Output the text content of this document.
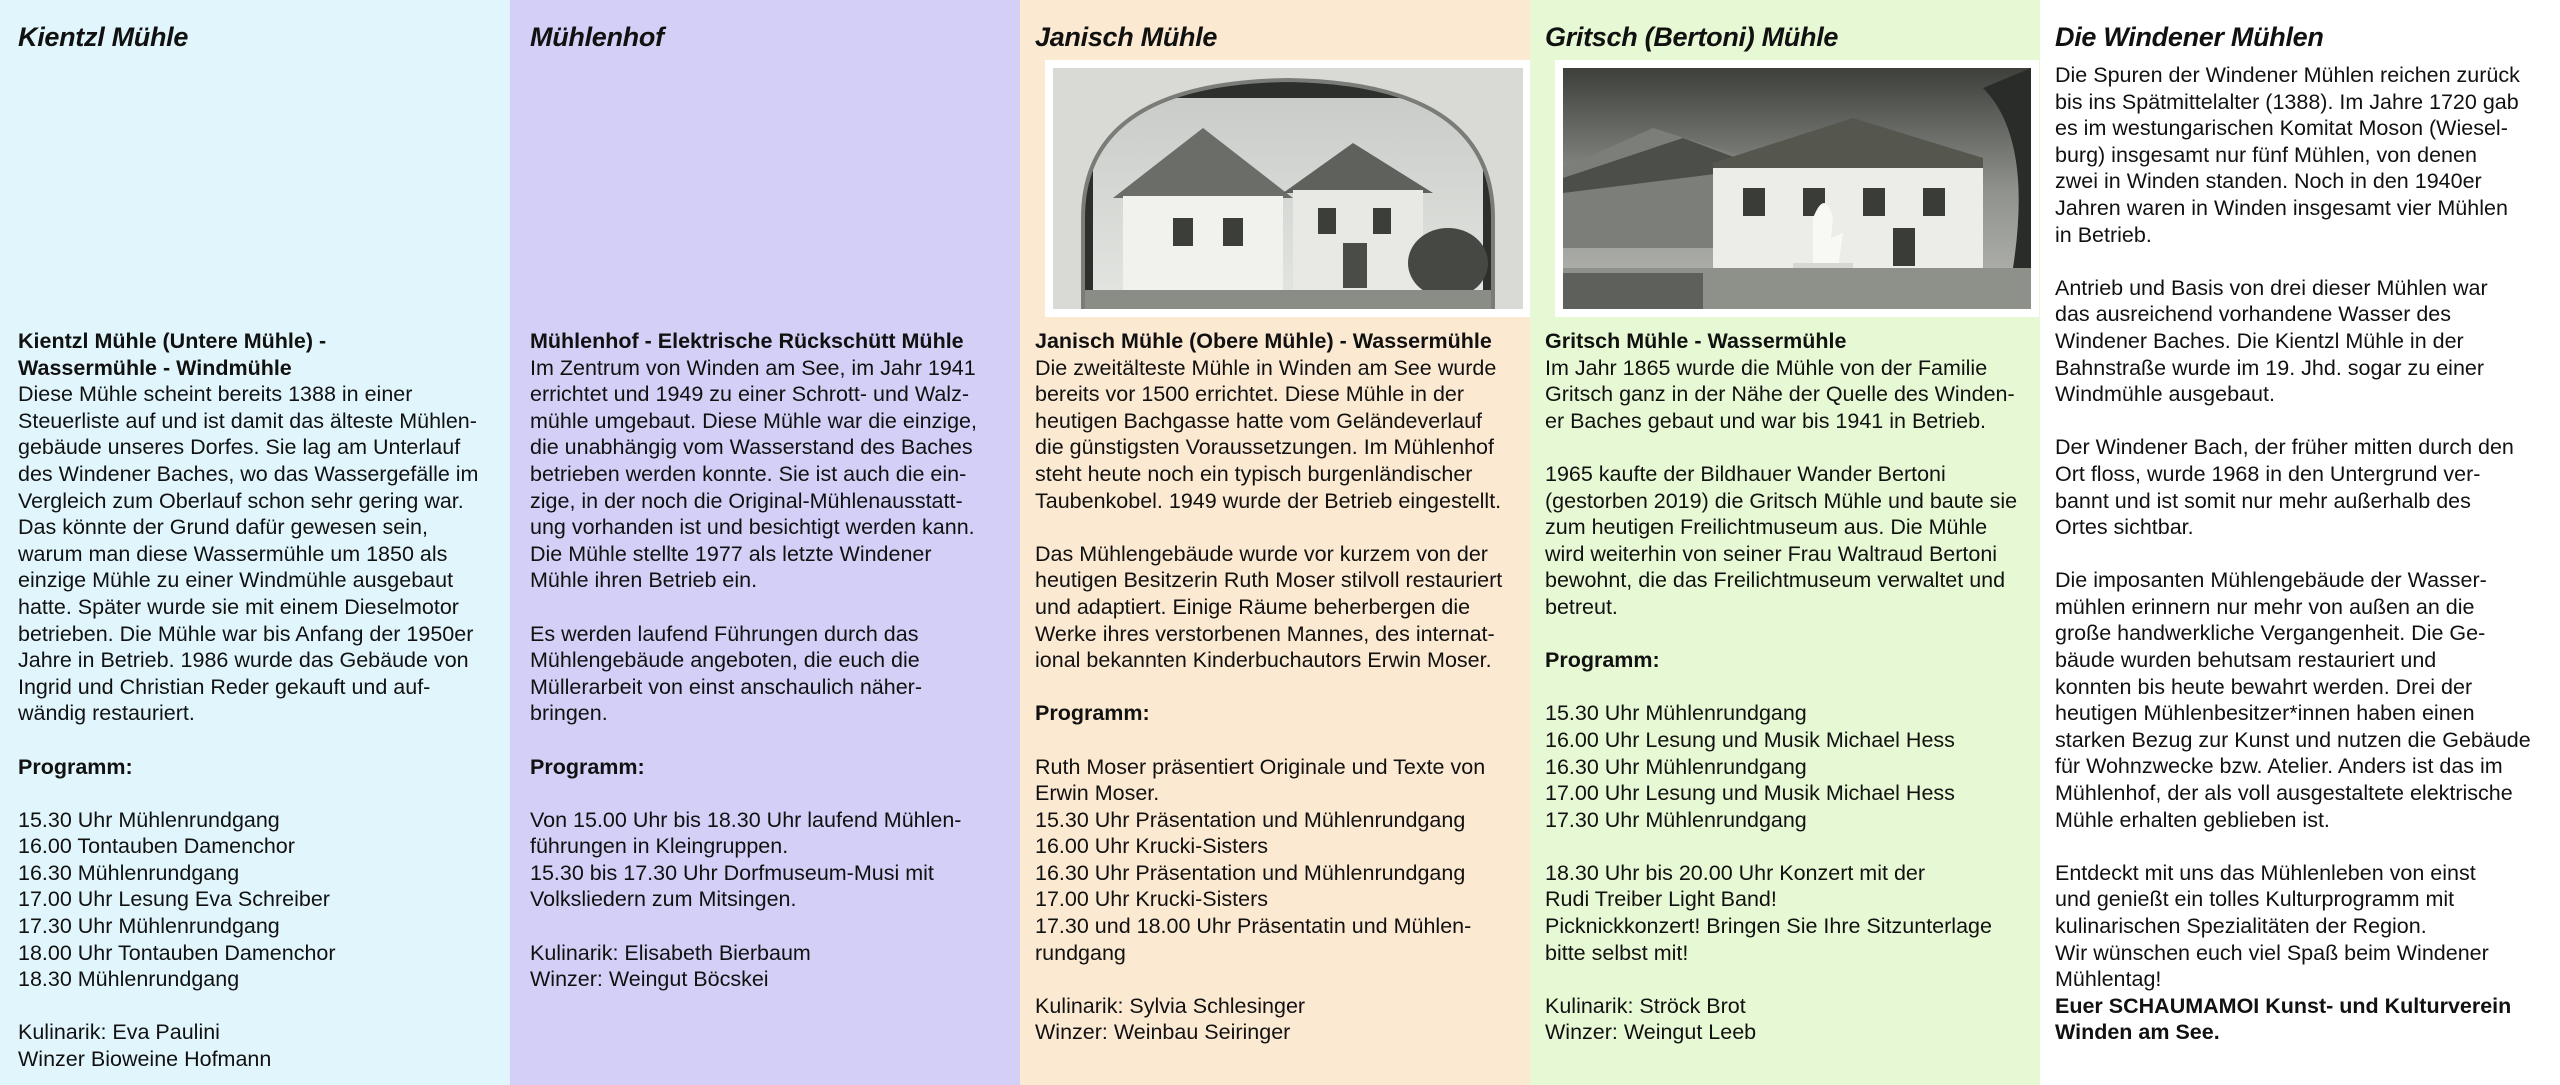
Kientzl Mühle

Kientzl Mühle (Untere Mühle) -

Wassermühle - Windmühle

Diese Mühle scheint bereits 1388 in einer

Steuerliste auf und ist damit das älteste Mühlen-

gebäude unseres Dorfes. Sie lag am Unterlauf

des Windener Baches, wo das Wassergefälle im

Vergleich zum Oberlauf schon sehr gering war.

Das könnte der Grund dafür gewesen sein,

warum man diese Wassermühle um 1850 als

einzige Mühle zu einer Windmühle ausgebaut

hatte. Später wurde sie mit einem Dieselmotor

betrieben. Die Mühle war bis Anfang der 1950er

Jahre in Betrieb. 1986 wurde das Gebäude von

Ingrid und Christian Reder gekauft und auf-

wändig restauriert.

Programm:

15.30 Uhr Mühlenrundgang

16.00 Tontauben Damenchor

16.30 Mühlenrundgang

17.00 Uhr Lesung Eva Schreiber

17.30 Uhr Mühlenrundgang

18.00 Uhr Tontauben Damenchor

18.30 Mühlenrundgang

Kulinarik: Eva Paulini

Winzer Bioweine Hofmann

Mühlenhof

Mühlenhof - Elektrische Rückschütt Mühle

Im Zentrum von Winden am See, im Jahr 1941

errichtet und 1949 zu einer Schrott- und Walz-

mühle umgebaut. Diese Mühle war die einzige,

die unabhängig vom Wasserstand des Baches

betrieben werden konnte. Sie ist auch die ein-

zige, in der noch die Original-Mühlenausstatt-

ung vorhanden ist und besichtigt werden kann.

Die Mühle stellte 1977 als letzte Windener

Mühle ihren Betrieb ein.

Es werden laufend Führungen durch das

Mühlengebäude angeboten, die euch die

Müllerarbeit von einst anschaulich näher-

bringen.

Programm:

Von 15.00 Uhr bis 18.30 Uhr laufend Mühlen-

führungen in Kleingruppen.

15.30 bis 17.30 Uhr Dorfmuseum-Musi mit

Volksliedern zum Mitsingen.

Kulinarik: Elisabeth Bierbaum

Winzer: Weingut Böcskei

Janisch Mühle

Janisch Mühle (Obere Mühle) - Wassermühle

Die zweitälteste Mühle in Winden am See wurde

bereits vor 1500 errichtet. Diese Mühle in der

heutigen Bachgasse hatte vom Geländeverlauf

die günstigsten Voraussetzungen. Im Mühlenhof

steht heute noch ein typisch burgenländischer

Taubenkobel. 1949 wurde der Betrieb eingestellt.

Das Mühlengebäude wurde vor kurzem von der

heutigen Besitzerin Ruth Moser stilvoll restauriert

und adaptiert. Einige Räume beherbergen die

Werke ihres verstorbenen Mannes, des internat-

ional bekannten Kinderbuchautors Erwin Moser.

Programm:

Ruth Moser präsentiert Originale und Texte von

Erwin Moser.

15.30 Uhr Präsentation und Mühlenrundgang

16.00 Uhr Krucki-Sisters

16.30 Uhr Präsentation und Mühlenrundgang

17.00 Uhr Krucki-Sisters

17.30 und 18.00 Uhr Präsentatin und Mühlen-

rundgang

Kulinarik: Sylvia Schlesinger

Winzer: Weinbau Seiringer

Gritsch (Bertoni) Mühle

Gritsch Mühle - Wassermühle

Im Jahr 1865 wurde die Mühle von der Familie

Gritsch ganz in der Nähe der Quelle des Winden-

er Baches gebaut und war bis 1941 in Betrieb.

1965 kaufte der Bildhauer Wander Bertoni

(gestorben 2019) die Gritsch Mühle und baute sie

zum heutigen Freilichtmuseum aus. Die Mühle

wird weiterhin von seiner Frau Waltraud Bertoni

bewohnt, die das Freilichtmuseum verwaltet und

betreut.

Programm:

15.30 Uhr Mühlenrundgang

16.00 Uhr Lesung und Musik Michael Hess

16.30 Uhr Mühlenrundgang

17.00 Uhr Lesung und Musik Michael Hess

17.30 Uhr Mühlenrundgang

18.30 Uhr bis 20.00 Uhr Konzert mit der

Rudi Treiber Light Band!

Picknickkonzert! Bringen Sie Ihre Sitzunterlage

bitte selbst mit!

Kulinarik: Ströck Brot

Winzer: Weingut Leeb

Die Windener Mühlen

Die Spuren der Windener Mühlen reichen zurück

bis ins Spätmittelalter (1388). Im Jahre 1720 gab

es im westungarischen Komitat Moson (Wiesel-

burg) insgesamt nur fünf Mühlen, von denen

zwei in Winden standen. Noch in den 1940er

Jahren waren in Winden insgesamt vier Mühlen

in Betrieb.

Antrieb und Basis von drei dieser Mühlen war

das ausreichend vorhandene Wasser des

Windener Baches. Die Kientzl Mühle in der

Bahnstraße wurde im 19. Jhd. sogar zu einer

Windmühle ausgebaut.

Der Windener Bach, der früher mitten durch den

Ort floss, wurde 1968 in den Untergrund ver-

bannt und ist somit nur mehr außerhalb des

Ortes sichtbar.

Die imposanten Mühlengebäude der Wasser-

mühlen erinnern nur mehr von außen an die

große handwerkliche Vergangenheit. Die Ge-

bäude wurden behutsam restauriert und

konnten bis heute bewahrt werden. Drei der

heutigen Mühlenbesitzer*innen haben einen

starken Bezug zur Kunst und nutzen die Gebäude

für Wohnzwecke bzw. Atelier. Anders ist das im

Mühlenhof, der als voll ausgestaltete elektrische

Mühle erhalten geblieben ist.

Entdeckt mit uns das Mühlenleben von einst

und genießt ein tolles Kulturprogramm mit

kulinarischen Spezialitäten der Region.

Wir wünschen euch viel Spaß beim Windener

Mühlentag!

Euer SCHAUMAMOI Kunst- und Kulturverein

Winden am See.
